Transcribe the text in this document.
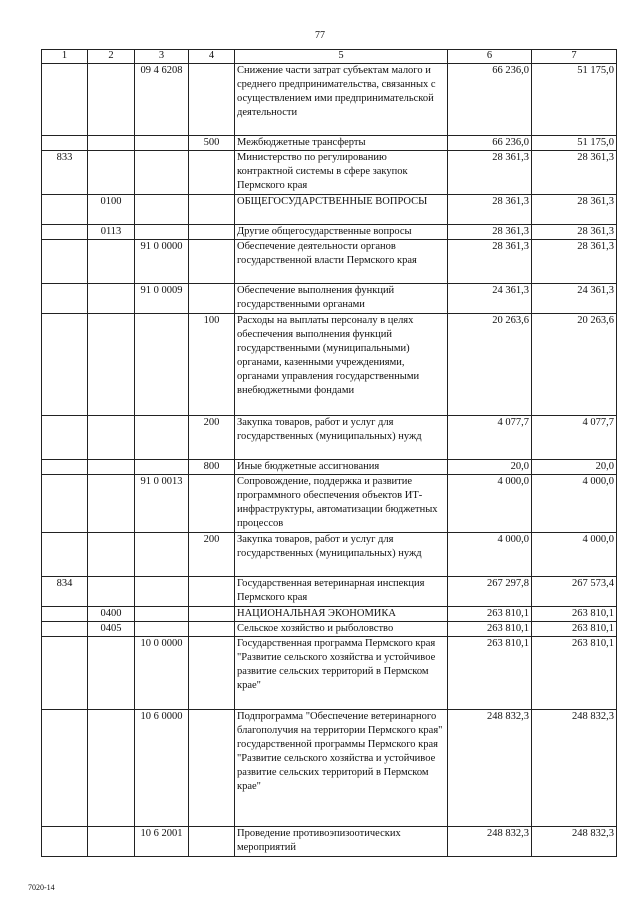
77
1	2	3	4	5	6	7
		09 4 6208		Снижение части затрат субъектам малого и среднего предпринимательства, связанных с осуществлением ими предпринимательской деятельности	66 236,0	51 175,0
			500	Межбюджетные трансферты	66 236,0	51 175,0
833				Министерство по регулированию контрактной системы в сфере закупок Пермского края	28 361,3	28 361,3
	0100			ОБЩЕГОСУДАРСТВЕННЫЕ ВОПРОСЫ	28 361,3	28 361,3
	0113			Другие общегосударственные вопросы	28 361,3	28 361,3
		91 0 0000		Обеспечение деятельности органов государственной власти Пермского края	28 361,3	28 361,3
		91 0 0009		Обеспечение выполнения функций государственными органами	24 361,3	24 361,3
			100	Расходы на выплаты персоналу в целях обеспечения выполнения функций государственными (муниципальными) органами, казенными учреждениями, органами управления государственными внебюджетными фондами	20 263,6	20 263,6
			200	Закупка товаров, работ и услуг для государственных (муниципальных) нужд	4 077,7	4 077,7
			800	Иные бюджетные ассигнования	20,0	20,0
		91 0 0013		Сопровождение, поддержка и развитие программного обеспечения объектов ИТ-инфраструктуры, автоматизации бюджетных процессов	4 000,0	4 000,0
			200	Закупка товаров, работ и услуг для государственных (муниципальных) нужд	4 000,0	4 000,0
834				Государственная ветеринарная инспекция Пермского края	267 297,8	267 573,4
	0400			НАЦИОНАЛЬНАЯ ЭКОНОМИКА	263 810,1	263 810,1
	0405			Сельское хозяйство и рыболовство	263 810,1	263 810,1
		10 0 0000		Государственная программа Пермского края "Развитие сельского хозяйства и устойчивое развитие сельских территорий в Пермском крае"	263 810,1	263 810,1
		10 6 0000		Подпрограмма "Обеспечение ветеринарного благополучия на территории Пермского края" государственной программы Пермского края "Развитие сельского хозяйства и устойчивое развитие сельских территорий в Пермском крае"	248 832,3	248 832,3
		10 6 2001		Проведение противоэпизоотических мероприятий	248 832,3	248 832,3
7020-14
